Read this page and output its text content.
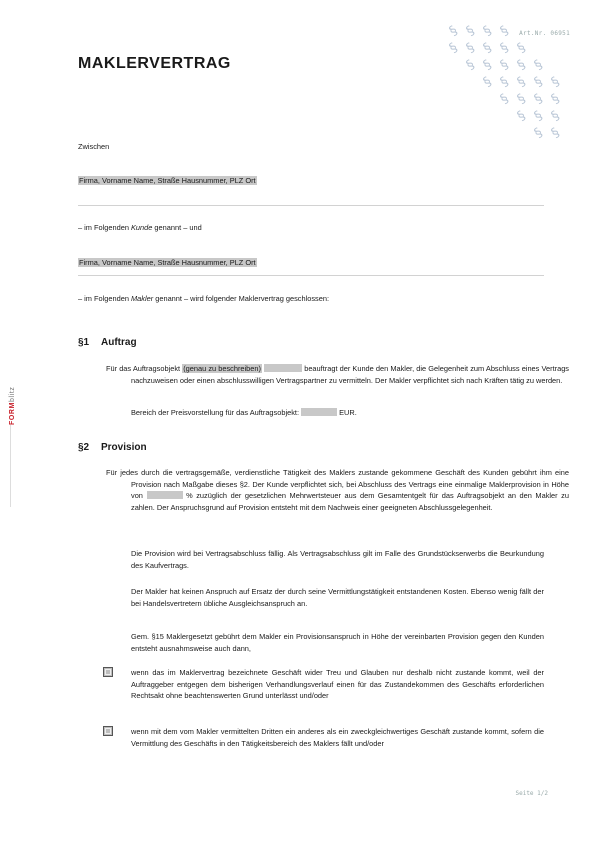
Art.Nr. 06951
MAKLERVERTRAG
§ § § §
§ § § § §
§ § § § §
§ § § § §
§ § § §
§ § §
§ §
FORMblitz

Zwischen

Firma, Vorname Name, Straße Hausnummer, PLZ Ort

– im Folgenden Kunde genannt – und

Firma, Vorname Name, Straße Hausnummer, PLZ Ort

– im Folgenden Makler genannt – wird folgender Maklervertrag geschlossen:

§1 Auftrag

Für das Auftragsobjekt (genau zu beschreiben)	beauftragt der Kunde den Makler, die Gelegenheit zum Abschluss eines Vertrags nachzuweisen oder einen abschlusswilligen Vertragspartner zu vermitteln. Der Makler verpflichtet sich nach Kräften tätig zu werden.

Bereich der Preisvorstellung für das Auftragsobjekt:	EUR.

§2 Provision

Für jedes durch die vertragsgemäße, verdienstliche Tätigkeit des Maklers zustande gekommene Geschäft des Kunden gebührt ihm eine Provision nach Maßgabe dieses §2. Der Kunde verpflichtet sich, bei Abschluss des Vertrags eine einmalige Maklerprovision in Höhe von	% zuzüglich der gesetzlichen Mehrwertsteuer aus dem Gesamtentgelt für das Auftragsobjekt an den Makler zu zahlen. Der Anspruchsgrund auf Provision entsteht mit dem Nachweis einer geeigneten Abschlussgelegenheit.

Die Provision wird bei Vertragsabschluss fällig. Als Vertragsabschluss gilt im Falle des Grundstückserwerbs die Beurkundung des Kaufvertrags.

Der Makler hat keinen Anspruch auf Ersatz der durch seine Vermittlungstätigkeit entstandenen Kosten. Ebenso wenig fällt der bei Handelsvertretern übliche Ausgleichsanspruch an.

Gem. §15 Maklergesetzt gebührt dem Makler ein Provisionsanspruch in Höhe der vereinbarten Provision gegen den Kunden entsteht ausnahmsweise auch dann,

wenn das im Maklervertrag bezeichnete Geschäft wider Treu und Glauben nur deshalb nicht zustande kommt, weil der Auftraggeber entgegen dem bisherigen Verhandlungsverlauf einen für das Zustandekommen des Geschäfts erforderlichen Rechtsakt ohne beachtenswerten Grund unterlässt und/oder

wenn mit dem vom Makler vermittelten Dritten ein anderes als ein zweckgleichwertiges Geschäft zustande kommt, sofern die Vermittlung des Geschäfts in den Tätigkeitsbereich des Maklers fällt und/oder

Seite 1/2
